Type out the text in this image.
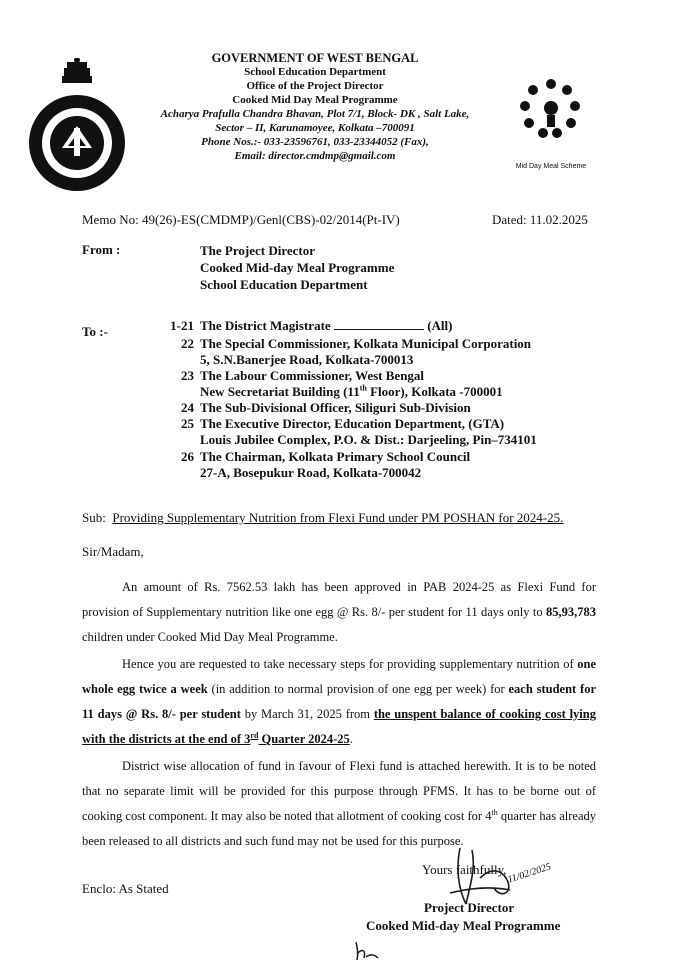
Mid Day Meal Scheme
GOVERNMENT OF WEST BENGAL
School Education Department
Office of the Project Director
Cooked Mid Day Meal Programme
Acharya Prafulla Chandra Bhavan, Plot 7/1, Block- DK , Salt Lake,
Sector – II, Karunamoyee, Kolkata –700091
Phone Nos.:- 033-23596761, 033-23344052 (Fax),
Email: director.cmdmp@gmail.com
Memo No: 49(26)-ES(CMDMP)/Genl(CBS)-02/2014(Pt-IV)	Dated: 11.02.2025
From :	The Project Director
Cooked Mid-day Meal Programme
School Education Department
To :-	1-21 The District Magistrate	(All)
22 The Special Commissioner, Kolkata Municipal Corporation
5, S.N.Banerjee Road, Kolkata-700013
23 The Labour Commissioner, West Bengal
New Secretariat Building (11th Floor), Kolkata -700001
24 The Sub-Divisional Officer, Siliguri Sub-Division
25 The Executive Director, Education Department, (GTA)
Louis Jubilee Complex, P.O. & Dist.: Darjeeling, Pin–734101
26 The Chairman, Kolkata Primary School Council
27-A, Bosepukur Road, Kolkata-700042
Sub: Providing Supplementary Nutrition from Flexi Fund under PM POSHAN for 2024-25.
Sir/Madam,

An amount of Rs. 7562.53 lakh has been approved in PAB 2024-25 as Flexi Fund for provision of Supplementary nutrition like one egg @ Rs. 8/- per student for 11 days only to 85,93,783 children under Cooked Mid Day Meal Programme.

Hence you are requested to take necessary steps for providing supplementary nutrition of one whole egg twice a week (in addition to normal provision of one egg per week) for each student for 11 days @ Rs. 8/- per student by March 31, 2025 from the unspent balance of cooking cost lying with the districts at the end of 3rd Quarter 2024-25.

District wise allocation of fund in favour of Flexi fund is attached herewith. It is to be noted that no separate limit will be provided for this purpose through PFMS. It has to be borne out of cooking cost component. It may also be noted that allotment of cooking cost for 4th quarter has already been released to all districts and such fund may not be used for this purpose.

Enclo: As Stated
Yours faithfully, 11/02/2025
Project Director
Cooked Mid-day Meal Programme
